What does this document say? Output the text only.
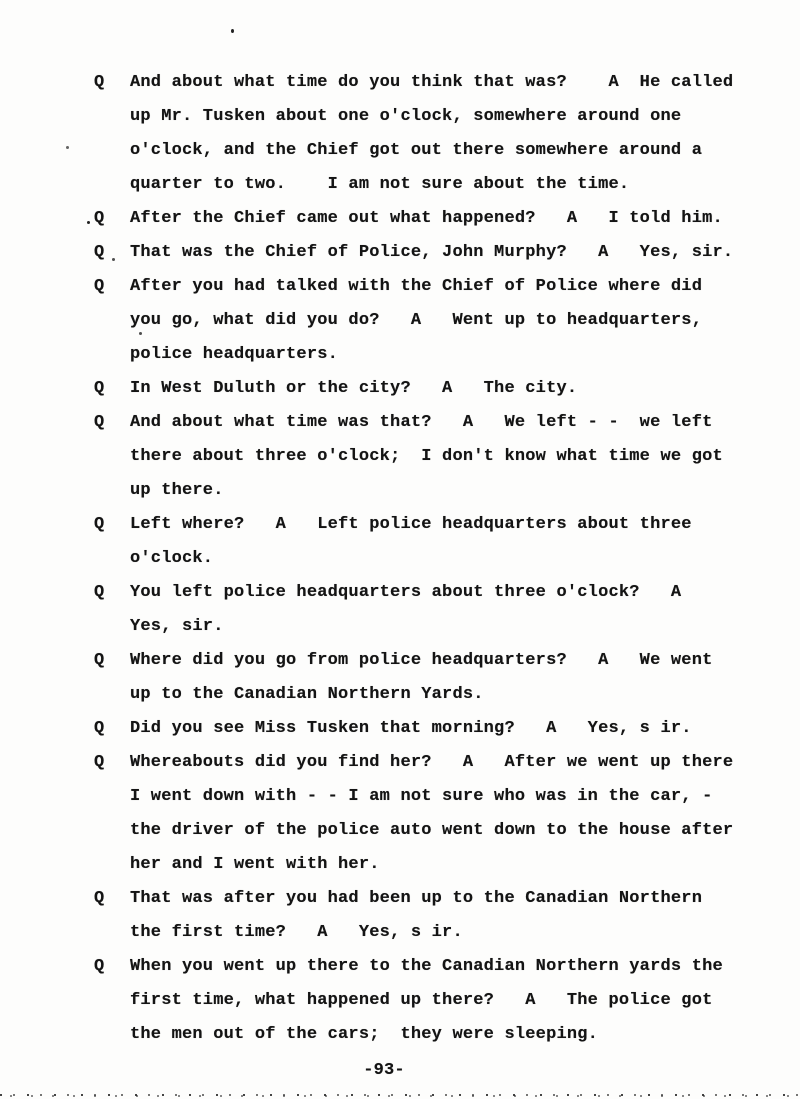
Q	And about what time do you think that was?    A  He called
up Mr. Tusken about one o'clock, somewhere around one
o'clock, and the Chief got out there somewhere around a
quarter to two.    I am not sure about the time.
Q	After the Chief came out what happened?   A   I told him.
Q	That was the Chief of Police, John Murphy?   A   Yes, sir.
Q	After you had talked with the Chief of Police where did
you go, what did you do?   A   Went up to headquarters,
police headquarters.
Q	In West Duluth or the city?   A   The city.
Q	And about what time was that?   A   We left - -  we left
there about three o'clock;  I don't know what time we got
up there.
Q	Left where?   A   Left police headquarters about three
o'clock.
Q	You left police headquarters about three o'clock?   A
Yes, sir.
Q	Where did you go from police headquarters?   A   We went
up to the Canadian Northern Yards.
Q	Did you see Miss Tusken that morning?   A   Yes, s ir.
Q	Whereabouts did you find her?   A   After we went up there
I went down with - - I am not sure who was in the car, -
the driver of the police auto went down to the house after
her and I went with her.
Q	That was after you had been up to the Canadian Northern
the first time?   A   Yes, s ir.
Q	When you went up there to the Canadian Northern yards the
first time, what happened up there?   A   The police got
the men out of the cars;  they were sleeping.
-93-
